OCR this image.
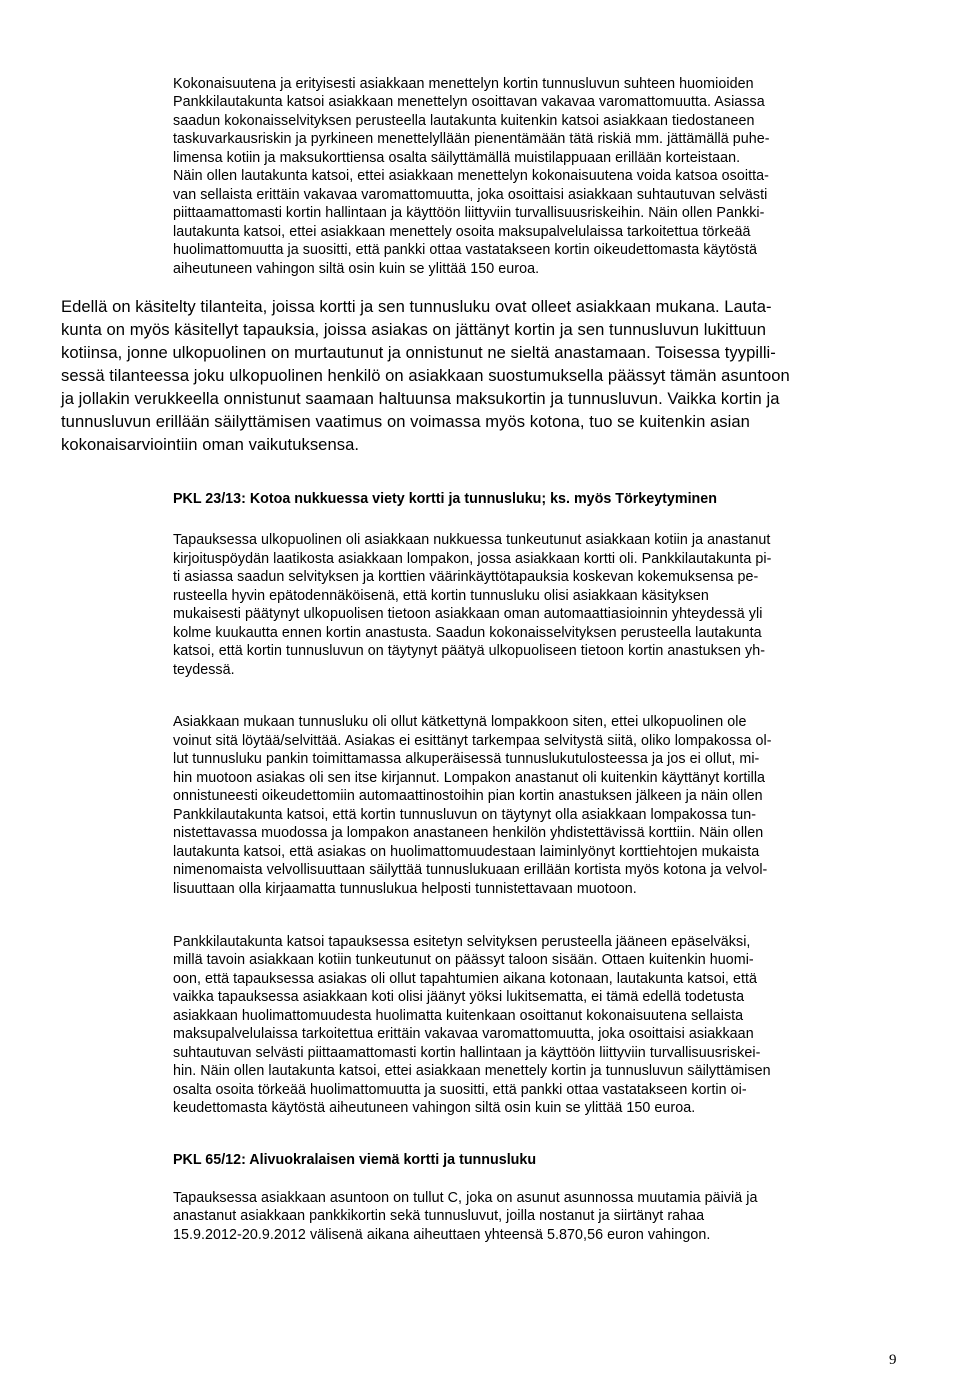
Kokonaisuutena ja erityisesti asiakkaan menettelyn kortin tunnusluvun suhteen huomioiden

Pankkilautakunta katsoi asiakkaan menettelyn osoittavan vakavaa varomattomuutta. Asiassa

saadun kokonaisselvityksen perusteella lautakunta kuitenkin katsoi asiakkaan tiedostaneen

taskuvarkausriskin ja pyrkineen menettelyllään pienentämään tätä riskiä mm. jättämällä puhe-

limensa kotiin ja maksukorttiensa osalta säilyttämällä muistilappuaan erillään korteistaan.

Näin ollen lautakunta katsoi, ettei asiakkaan menettelyn kokonaisuutena voida katsoa osoitta-

van sellaista erittäin vakavaa varomattomuutta, joka osoittaisi asiakkaan suhtautuvan selvästi

piittaamattomasti kortin hallintaan ja käyttöön liittyviin turvallisuusriskeihin. Näin ollen Pankki-

lautakunta katsoi, ettei asiakkaan menettely osoita maksupalvelulaissa tarkoitettua törkeää

huolimattomuutta ja suositti, että pankki ottaa vastatakseen kortin oikeudettomasta käytöstä

aiheutuneen vahingon siltä osin kuin se ylittää 150 euroa.

Edellä on käsitelty tilanteita, joissa kortti ja sen tunnusluku ovat olleet asiakkaan mukana. Lauta-

kunta on myös käsitellyt tapauksia, joissa asiakas on jättänyt kortin ja sen tunnusluvun lukittuun

kotiinsa, jonne ulkopuolinen on murtautunut ja onnistunut ne sieltä anastamaan. Toisessa tyypilli-

sessä tilanteessa joku ulkopuolinen henkilö on asiakkaan suostumuksella päässyt tämän asuntoon

ja jollakin verukkeella onnistunut saamaan haltuunsa maksukortin ja tunnusluvun. Vaikka kortin ja

tunnusluvun erillään säilyttämisen vaatimus on voimassa myös kotona, tuo se kuitenkin asian

kokonaisarviointiin oman vaikutuksensa.

PKL 23/13: Kotoa nukkuessa viety kortti ja tunnusluku; ks. myös Törkeytyminen

Tapauksessa ulkopuolinen oli asiakkaan nukkuessa tunkeutunut asiakkaan kotiin ja anastanut

kirjoituspöydän laatikosta asiakkaan lompakon, jossa asiakkaan kortti oli. Pankkilautakunta pi-

ti asiassa saadun selvityksen ja korttien väärinkäyttötapauksia koskevan kokemuksensa pe-

rusteella hyvin epätodennäköisenä, että kortin tunnusluku olisi asiakkaan käsityksen

mukaisesti päätynyt ulkopuolisen tietoon asiakkaan oman automaattiasioinnin yhteydessä yli

kolme kuukautta ennen kortin anastusta. Saadun kokonaisselvityksen perusteella lautakunta

katsoi, että kortin tunnusluvun on täytynyt päätyä ulkopuoliseen tietoon kortin anastuksen yh-

teydessä.

Asiakkaan mukaan tunnusluku oli ollut kätkettynä lompakkoon siten, ettei ulkopuolinen ole

voinut sitä löytää/selvittää. Asiakas ei esittänyt tarkempaa selvitystä siitä, oliko lompakossa ol-

lut tunnusluku pankin toimittamassa alkuperäisessä tunnuslukutulosteessa ja jos ei ollut, mi-

hin muotoon asiakas oli sen itse kirjannut. Lompakon anastanut oli kuitenkin käyttänyt kortilla

onnistuneesti oikeudettomiin automaattinostoihin pian kortin anastuksen jälkeen ja näin ollen

Pankkilautakunta katsoi, että kortin tunnusluvun on täytynyt olla asiakkaan lompakossa tun-

nistettavassa muodossa ja lompakon anastaneen henkilön yhdistettävissä korttiin. Näin ollen

lautakunta katsoi, että asiakas on huolimattomuudestaan laiminlyönyt korttiehtojen mukaista

nimenomaista velvollisuuttaan säilyttää tunnuslukuaan erillään kortista myös kotona ja velvol-

lisuuttaan olla kirjaamatta tunnuslukua helposti tunnistettavaan muotoon.

Pankkilautakunta katsoi tapauksessa esitetyn selvityksen perusteella jääneen epäselväksi,

millä tavoin asiakkaan kotiin tunkeutunut on päässyt taloon sisään. Ottaen kuitenkin huomi-

oon, että tapauksessa asiakas oli ollut tapahtumien aikana kotonaan, lautakunta katsoi, että

vaikka tapauksessa asiakkaan koti olisi jäänyt yöksi lukitsematta, ei tämä edellä todetusta

asiakkaan huolimattomuudesta huolimatta kuitenkaan osoittanut kokonaisuutena sellaista

maksupalvelulaissa tarkoitettua erittäin vakavaa varomattomuutta, joka osoittaisi asiakkaan

suhtautuvan selvästi piittaamattomasti kortin hallintaan ja käyttöön liittyviin turvallisuusriskei-

hin. Näin ollen lautakunta katsoi, ettei asiakkaan menettely kortin ja tunnusluvun säilyttämisen

osalta osoita törkeää huolimattomuutta ja suositti, että pankki ottaa vastatakseen kortin oi-

keudettomasta käytöstä aiheutuneen vahingon siltä osin kuin se ylittää 150 euroa.

PKL 65/12: Alivuokralaisen viemä kortti ja tunnusluku

Tapauksessa asiakkaan asuntoon on tullut C, joka on asunut asunnossa muutamia päiviä ja

anastanut asiakkaan pankkikortin sekä tunnusluvut, joilla nostanut ja siirtänyt rahaa

15.9.2012-20.9.2012 välisenä aikana aiheuttaen yhteensä 5.870,56 euron vahingon.

9
